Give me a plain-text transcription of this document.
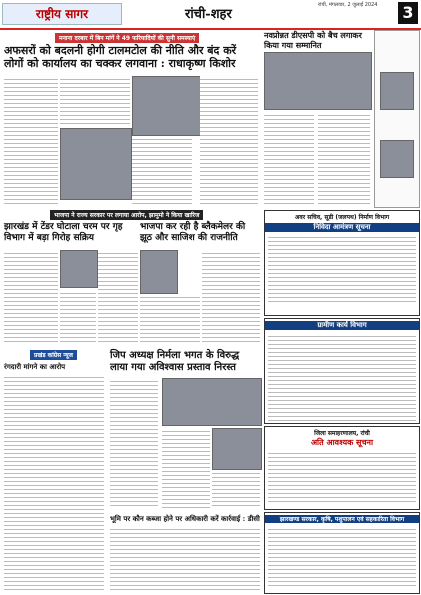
राष्ट्रीय सागर	रांची-शहर
रांची, मंगलवार, 2 जुलाई 2024	3
मनाना दरबार में बिन मांगें ने 49 फरियादियों की सुनी समस्याएं
अफसरों को बदलनी होगी टालमटोल की नीति और बंद करें लोगों को कार्यालय का चक्कर लगवाना : राधाकृष्ण किशोर
नवप्रोन्नत डीएसपी को बैच लगाकर किया गया सम्मानित
भाजपा ने राज्य सरकार पर लगाया आरोप, झामुमो ने किया खारिज
झारखंड में टेंडर घोटाला चरम पर गृह विभाग में बड़ा गिरोह सक्रिय
भाजपा कर रही है ब्लैकमेलर की झूठ और साजिश की राजनीति
प्रखंड कांग्रेस न्यूज
रंगदारी मांगने का आरोप
जिप अध्यक्ष निर्मला भगत के विरुद्ध लाया गया अविश्वास प्रस्ताव निरस्त
भूमि पर कौन कब्जा होने पर अधिकारी करें कार्रवाई : डीसी
अवर सचिव, सूडी (जलपथ) निर्माण विभाग
निविदा आमंत्रण सूचना
ग्रामीण कार्य विभाग
जिला समाहरणालय, रांची
अति आवश्यक सूचना
झारखण्ड सरकार, कृषि, पशुपालन एवं सहकारिता विभाग
